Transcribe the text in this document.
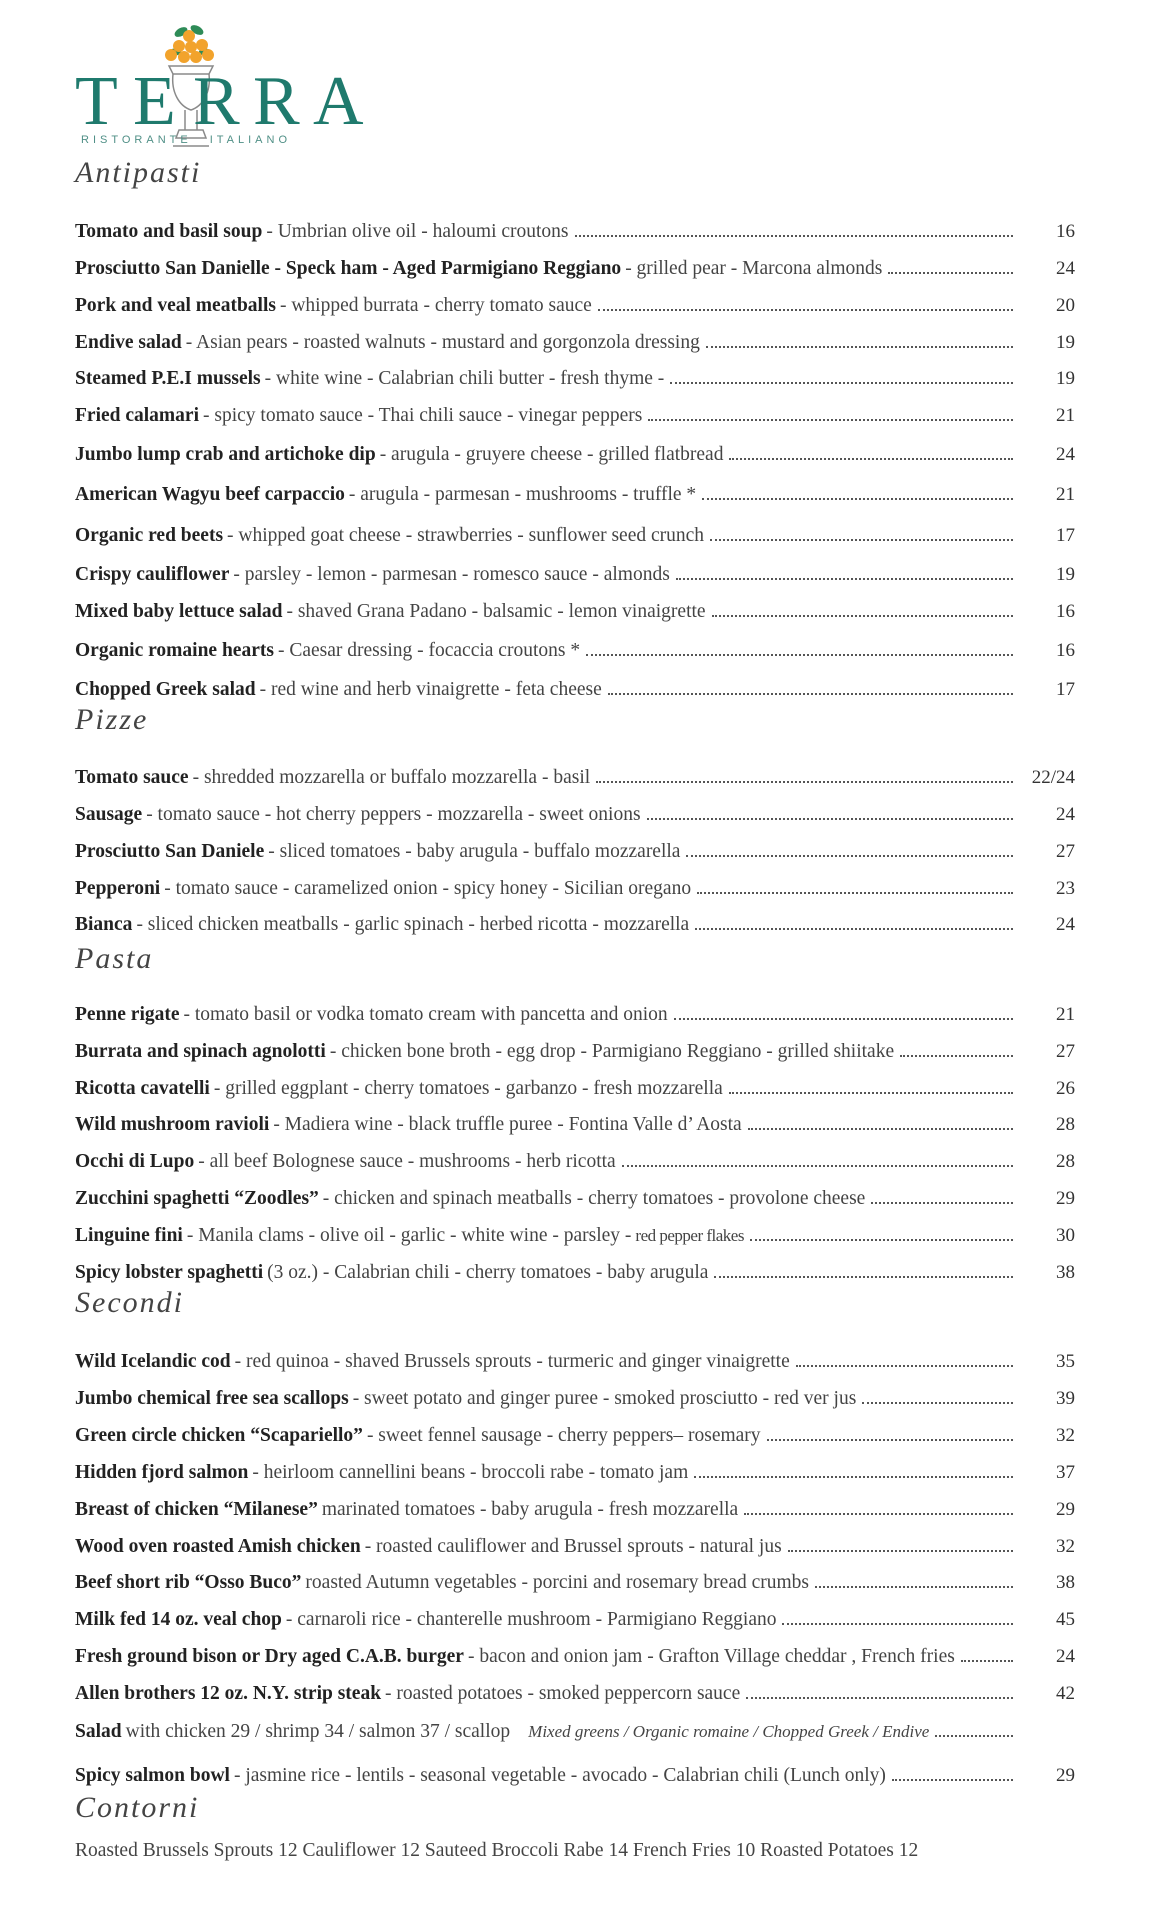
T E R R A
RISTORANTE ITALIANO
Antipasti
Pizze
Pasta
Secondi
Contorni
Roasted Brussels Sprouts 12 Cauliflower 12 Sauteed Broccoli Rabe 14 French Fries 10 Roasted Potatoes 12
Tomato and basil soup - Umbrian olive oil - haloumi croutons	16
Prosciutto San Danielle - Speck ham - Aged Parmigiano Reggiano - grilled pear - Marcona almonds	24
Pork and veal meatballs - whipped burrata - cherry tomato sauce	20
Endive salad - Asian pears - roasted walnuts - mustard and gorgonzola dressing	19
Steamed P.E.I mussels - white wine - Calabrian chili butter - fresh thyme -	19
Fried calamari - spicy tomato sauce - Thai chili sauce - vinegar peppers	21
Jumbo lump crab and artichoke dip - arugula - gruyere cheese - grilled flatbread	24
American Wagyu beef carpaccio - arugula - parmesan - mushrooms - truffle *	21
Organic red beets - whipped goat cheese - strawberries - sunflower seed crunch	17
Crispy cauliflower - parsley - lemon - parmesan - romesco sauce - almonds	19
Mixed baby lettuce salad - shaved Grana Padano - balsamic - lemon vinaigrette	16
Organic romaine hearts - Caesar dressing - focaccia croutons *	16
Chopped Greek salad - red wine and herb vinaigrette - feta cheese	17
Tomato sauce - shredded mozzarella or buffalo mozzarella - basil	22/24
Sausage - tomato sauce - hot cherry peppers - mozzarella - sweet onions	24
Prosciutto San Daniele - sliced tomatoes - baby arugula - buffalo mozzarella	27
Pepperoni - tomato sauce - caramelized onion - spicy honey - Sicilian oregano	23
Bianca - sliced chicken meatballs - garlic spinach - herbed ricotta - mozzarella	24
Penne rigate - tomato basil or vodka tomato cream with pancetta and onion	21
Burrata and spinach agnolotti - chicken bone broth - egg drop - Parmigiano Reggiano - grilled shiitake	27
Ricotta cavatelli - grilled eggplant - cherry tomatoes - garbanzo - fresh mozzarella	26
Wild mushroom ravioli - Madiera wine - black truffle puree - Fontina Valle d’ Aosta	28
Occhi di Lupo - all beef Bolognese sauce - mushrooms - herb ricotta	28
Zucchini spaghetti “Zoodles” - chicken and spinach meatballs - cherry tomatoes - provolone cheese	29
Linguine fini - Manila clams - olive oil - garlic - white wine - parsley - red pepper flakes	30
Spicy lobster spaghetti (3 oz.) - Calabrian chili - cherry tomatoes - baby arugula	38
Wild Icelandic cod - red quinoa - shaved Brussels sprouts - turmeric and ginger vinaigrette	35
Jumbo chemical free sea scallops - sweet potato and ginger puree - smoked prosciutto - red ver jus	39
Green circle chicken “Scapariello” - sweet fennel sausage - cherry peppers– rosemary	32
Hidden fjord salmon - heirloom cannellini beans - broccoli rabe - tomato jam	37
Breast of chicken “Milanese” marinated tomatoes - baby arugula - fresh mozzarella	29
Wood oven roasted Amish chicken - roasted cauliflower and Brussel sprouts - natural jus	32
Beef short rib “Osso Buco” roasted Autumn vegetables - porcini and rosemary bread crumbs	38
Milk fed 14 oz. veal chop - carnaroli rice - chanterelle mushroom - Parmigiano Reggiano	45
Fresh ground bison or Dry aged C.A.B. burger - bacon and onion jam - Grafton Village cheddar , French fries	24
Allen brothers 12 oz. N.Y. strip steak - roasted potatoes - smoked peppercorn sauce	42
Salad with chicken 29 / shrimp 34 / salmon 37 / scallop Mixed greens / Organic romaine / Chopped Greek / Endive
Spicy salmon bowl - jasmine rice - lentils - seasonal vegetable - avocado - Calabrian chili (Lunch only)	29
